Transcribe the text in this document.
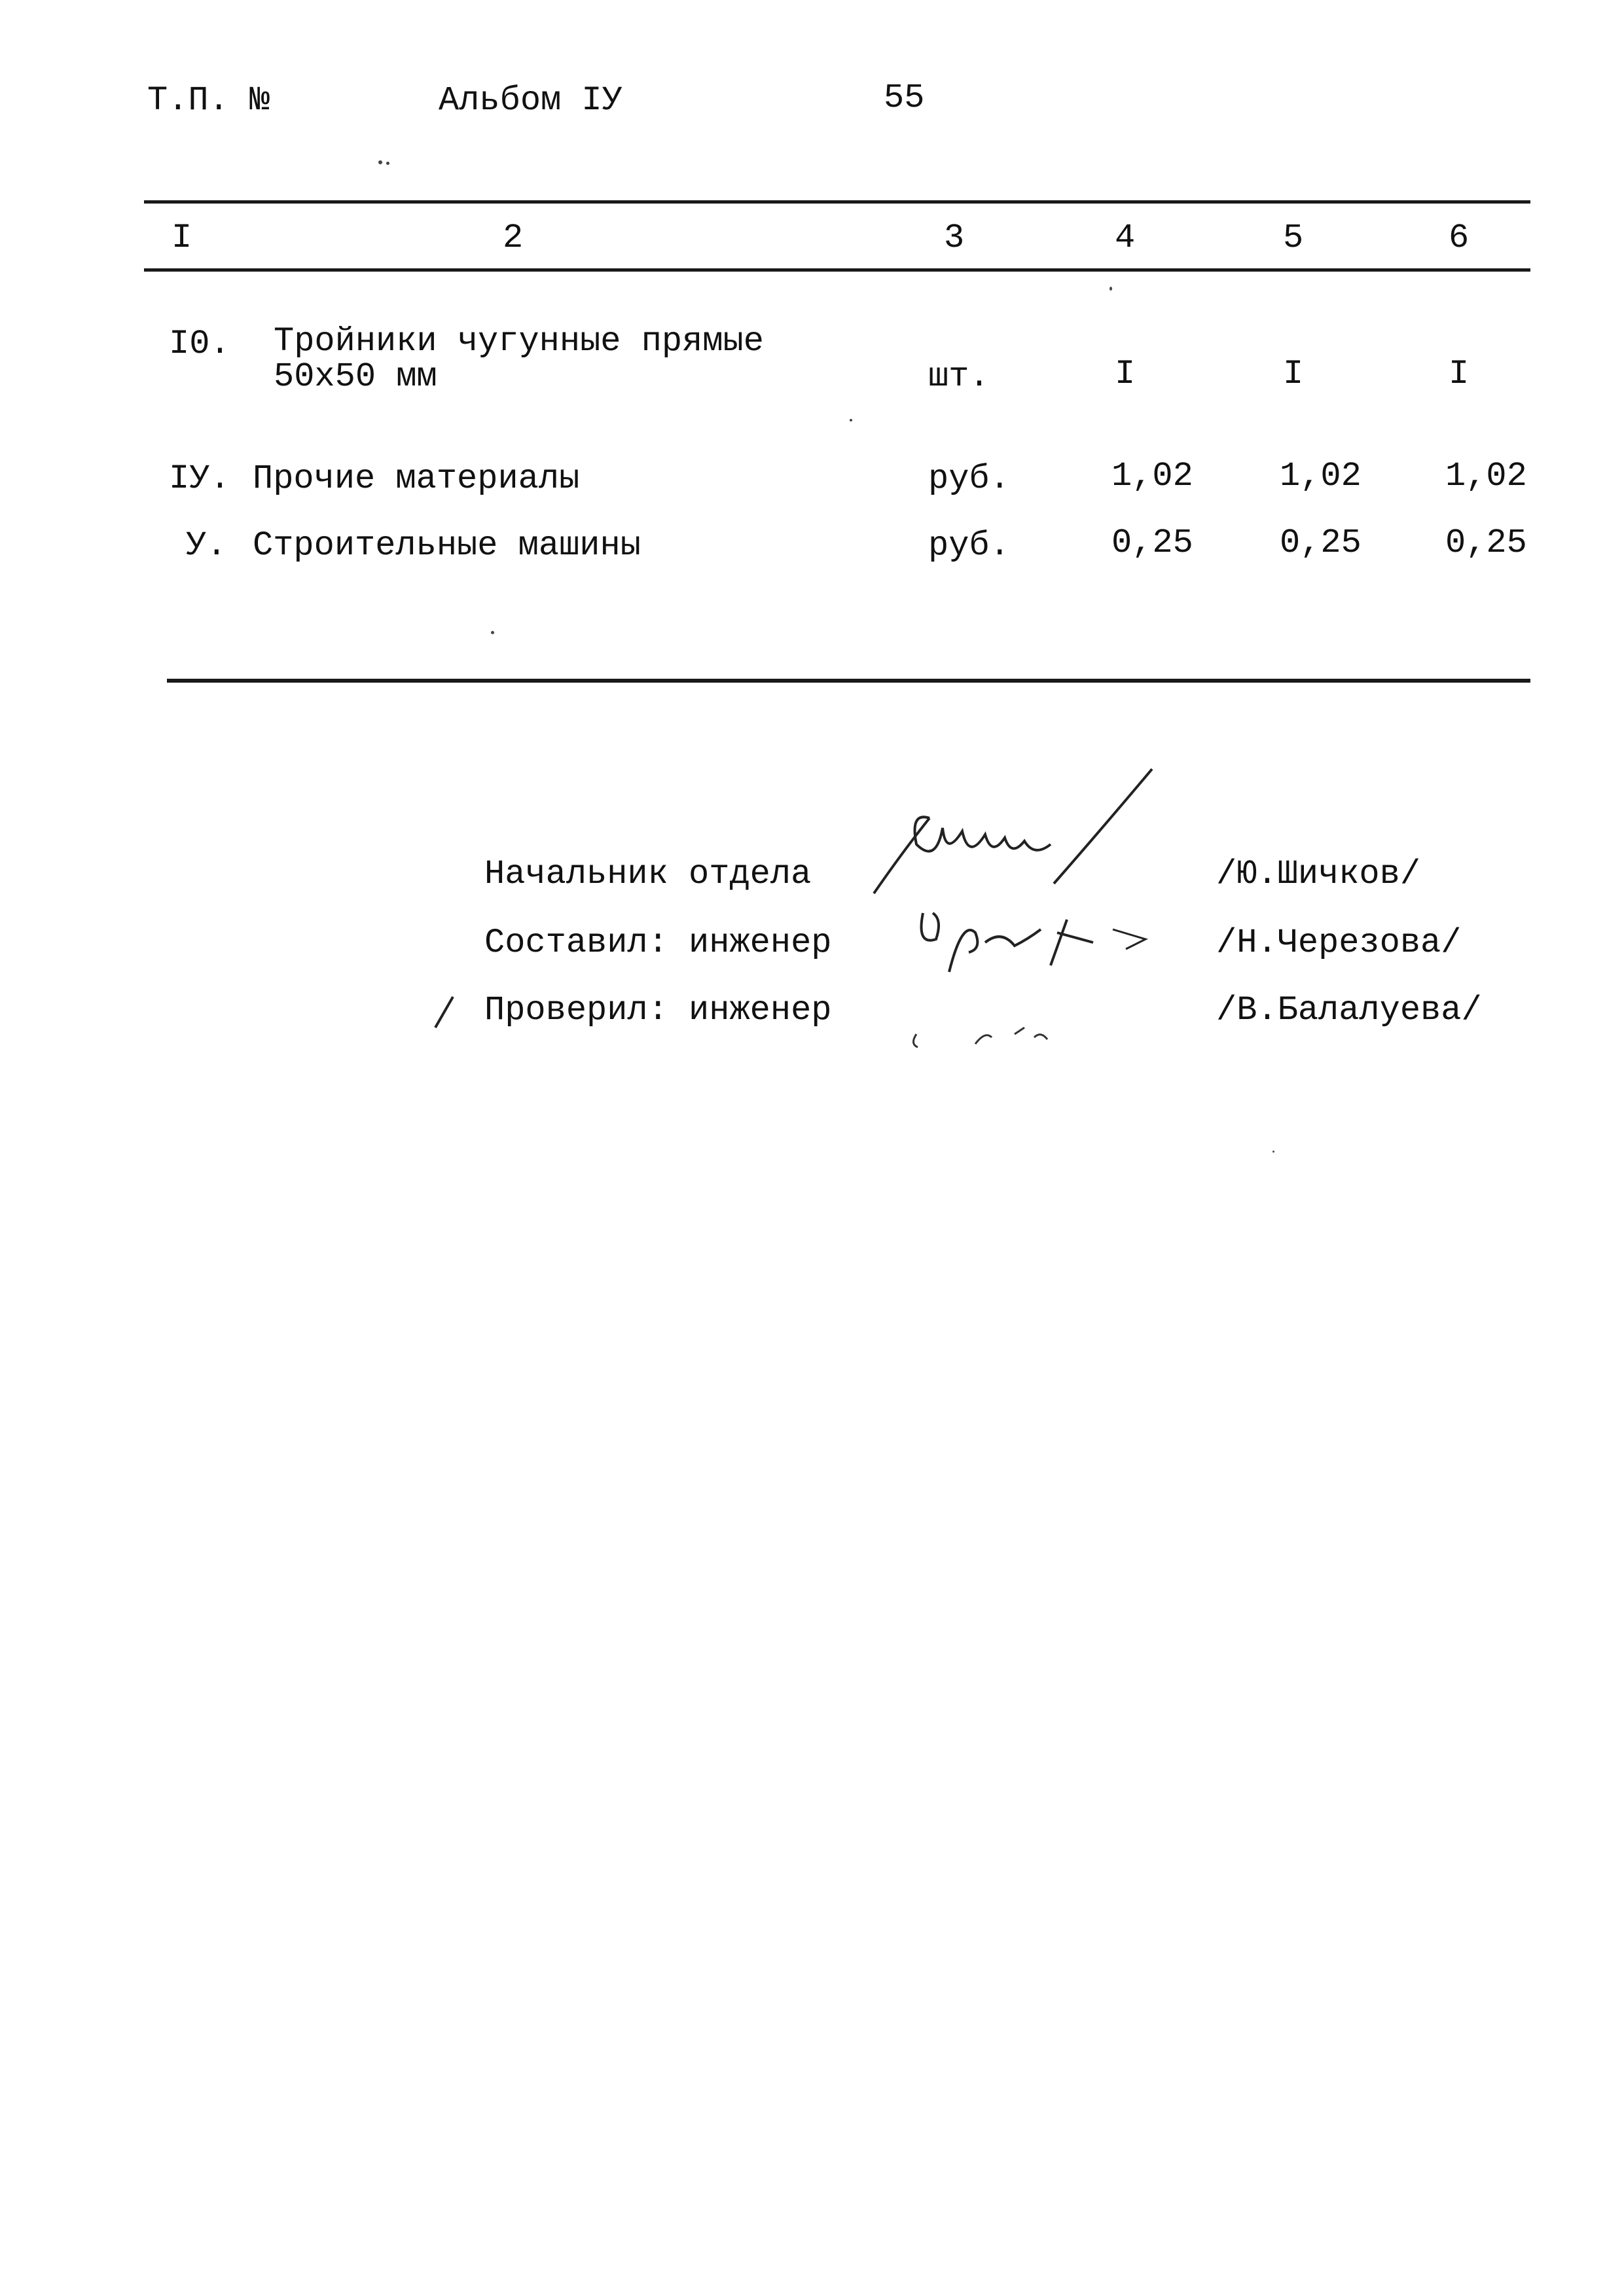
Т.П. №	Альбом IУ	55
I	2	3	4	5	6
I0. Тройники чугунные прямые
50х50 мм	шт.	I	I	I
IУ. Прочие материалы	руб.	1,02	1,02 1,02
У. Строительные машины	руб.	0,25	0,25 0,25
Начальник отдела	/Ю.Шичков/
Составил: инженер	/Н.Черезова/
Проверил: инженер	/В.Балалуева/
